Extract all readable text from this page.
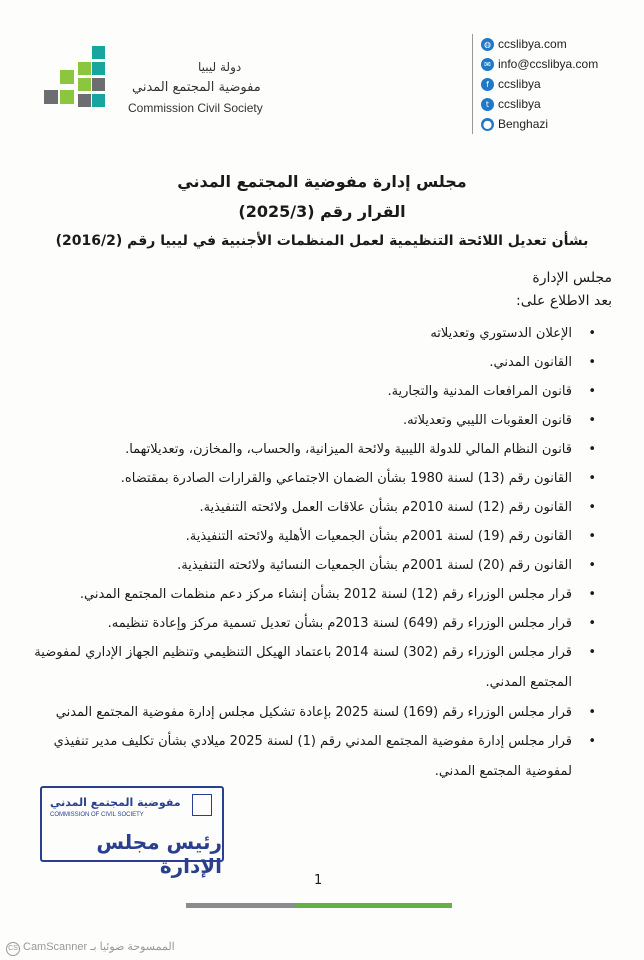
دولة ليبيا
مفوضية المجتمع المدني
Commission Civil Society
◍ ccslibya.com
✉ info@ccslibya.com
f ccslibya
t ccslibya
⬤ Benghazi
مجلس إدارة مفوضية المجتمع المدني
القرار رقم (2025/3)
بشأن تعديل اللائحة التنظيمية لعمل المنظمات الأجنبية في ليبيا رقم (2016/2)
مجلس الإدارة
بعد الاطلاع على:
• الإعلان الدستوري وتعديلاته
• القانون المدني.
• قانون المرافعات المدنية والتجارية.
• قانون العقوبات الليبي وتعديلاته.
• قانون النظام المالي للدولة الليبية ولائحة الميزانية، والحساب، والمخازن، وتعديلاتهما.
• القانون رقم (13) لسنة 1980 بشأن الضمان الاجتماعي والقرارات الصادرة بمقتضاه.
• القانون رقم (12) لسنة 2010م بشأن علاقات العمل ولائحته التنفيذية.
• القانون رقم (19) لسنة 2001م بشأن الجمعيات الأهلية ولائحته التنفيذية.
• القانون رقم (20) لسنة 2001م بشأن الجمعيات النسائية ولائحته التنفيذية.
• قرار مجلس الوزراء رقم (12) لسنة 2012 بشأن إنشاء مركز دعم منظمات المجتمع المدني.
• قرار مجلس الوزراء رقم (649) لسنة 2013م بشأن تعديل تسمية مركز وإعادة تنظيمه.
• قرار مجلس الوزراء رقم (302) لسنة 2014 باعتماد الهيكل التنظيمي وتنظيم الجهاز الإداري لمفوضية المجتمع المدني.
• قرار مجلس الوزراء رقم (169) لسنة 2025 بإعادة تشكيل مجلس إدارة مفوضية المجتمع المدني
• قرار مجلس إدارة مفوضية المجتمع المدني رقم (1) لسنة 2025 ميلادي بشأن تكليف مدير تنفيذي لمفوضية المجتمع المدني.
مفوضية المجتمع المدني
COMMISSION OF CIVIL SOCIETY
رئيس مجلس الإدارة
1
CS CamScanner الممسوحة ضوئيا بـ
